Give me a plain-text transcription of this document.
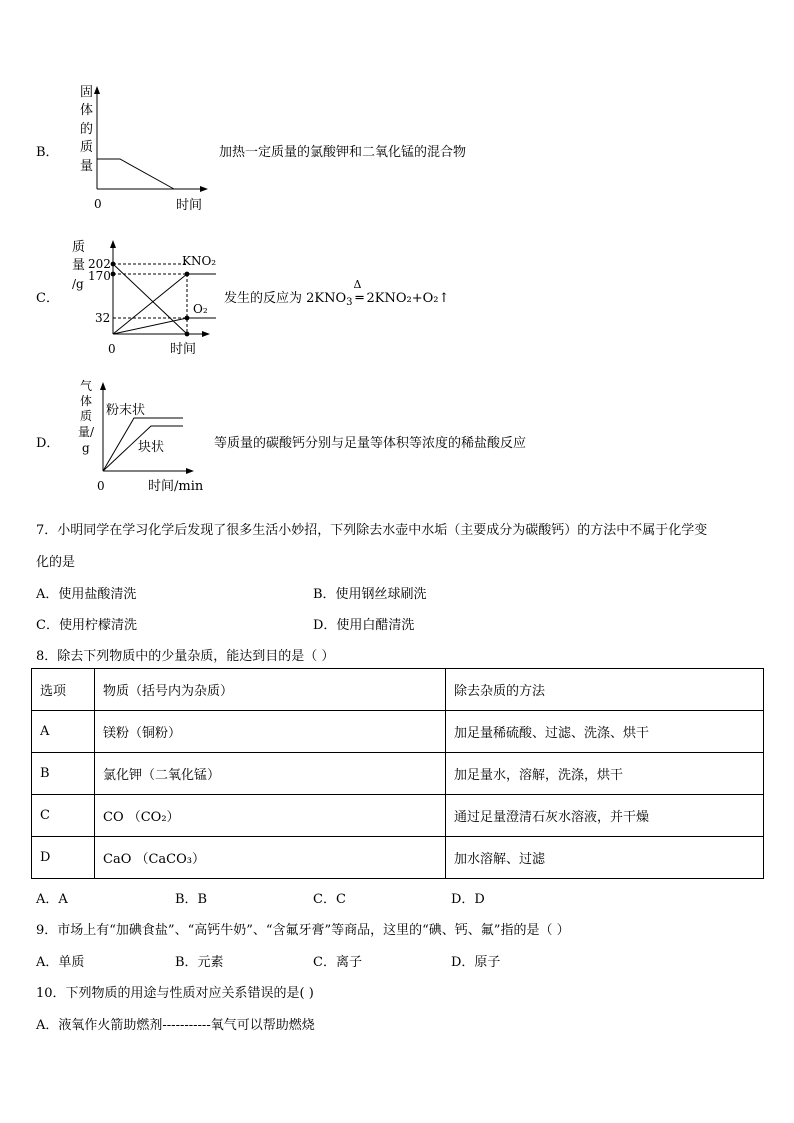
B．
固
体
的
质
量
0	时间
加热一定质量的氯酸钾和二氧化锰的混合物
C．
质
量
/g
202
170
32
KNO₂
O₂
0	时间
发生的反应为 $2KNO_3$
Δ
═ 2KNO₂+O₂↑
D．
气
体
质
量/
g
粉末状
块状
0	时间/min
等质量的碳酸钙分别与足量等体积等浓度的稀盐酸反应
7．小明同学在学习化学后发现了很多生活小妙招，下列除去水壶中水垢（主要成分为碳酸钙）的方法中不属于化学变
化的是
A．使用盐酸清洗	B．使用钢丝球刷洗
C．使用柠檬清洗	D．使用白醋清洗
8．除去下列物质中的少量杂质，能达到目的是（ ）
选项	物质（括号内为杂质）	除去杂质的方法
A	镁粉（铜粉）	加足量稀硫酸、过滤、洗涤、烘干
B	氯化钾（二氧化锰）	加足量水，溶解，洗涤，烘干
C	CO （CO₂）	通过足量澄清石灰水溶液，并干燥
D	CaO （CaCO₃）	加水溶解、过滤
A．A	B．B	C．C	D．D
9．市场上有“加碘食盐”、“高钙牛奶”、“含氟牙膏”等商品，这里的“碘、钙、氟”指的是（ ）
A．单质	B．元素	C．离子	D．原子
10．下列物质的用途与性质对应关系错误的是( )
A．液氧作火箭助燃剂-----------氧气可以帮助燃烧
